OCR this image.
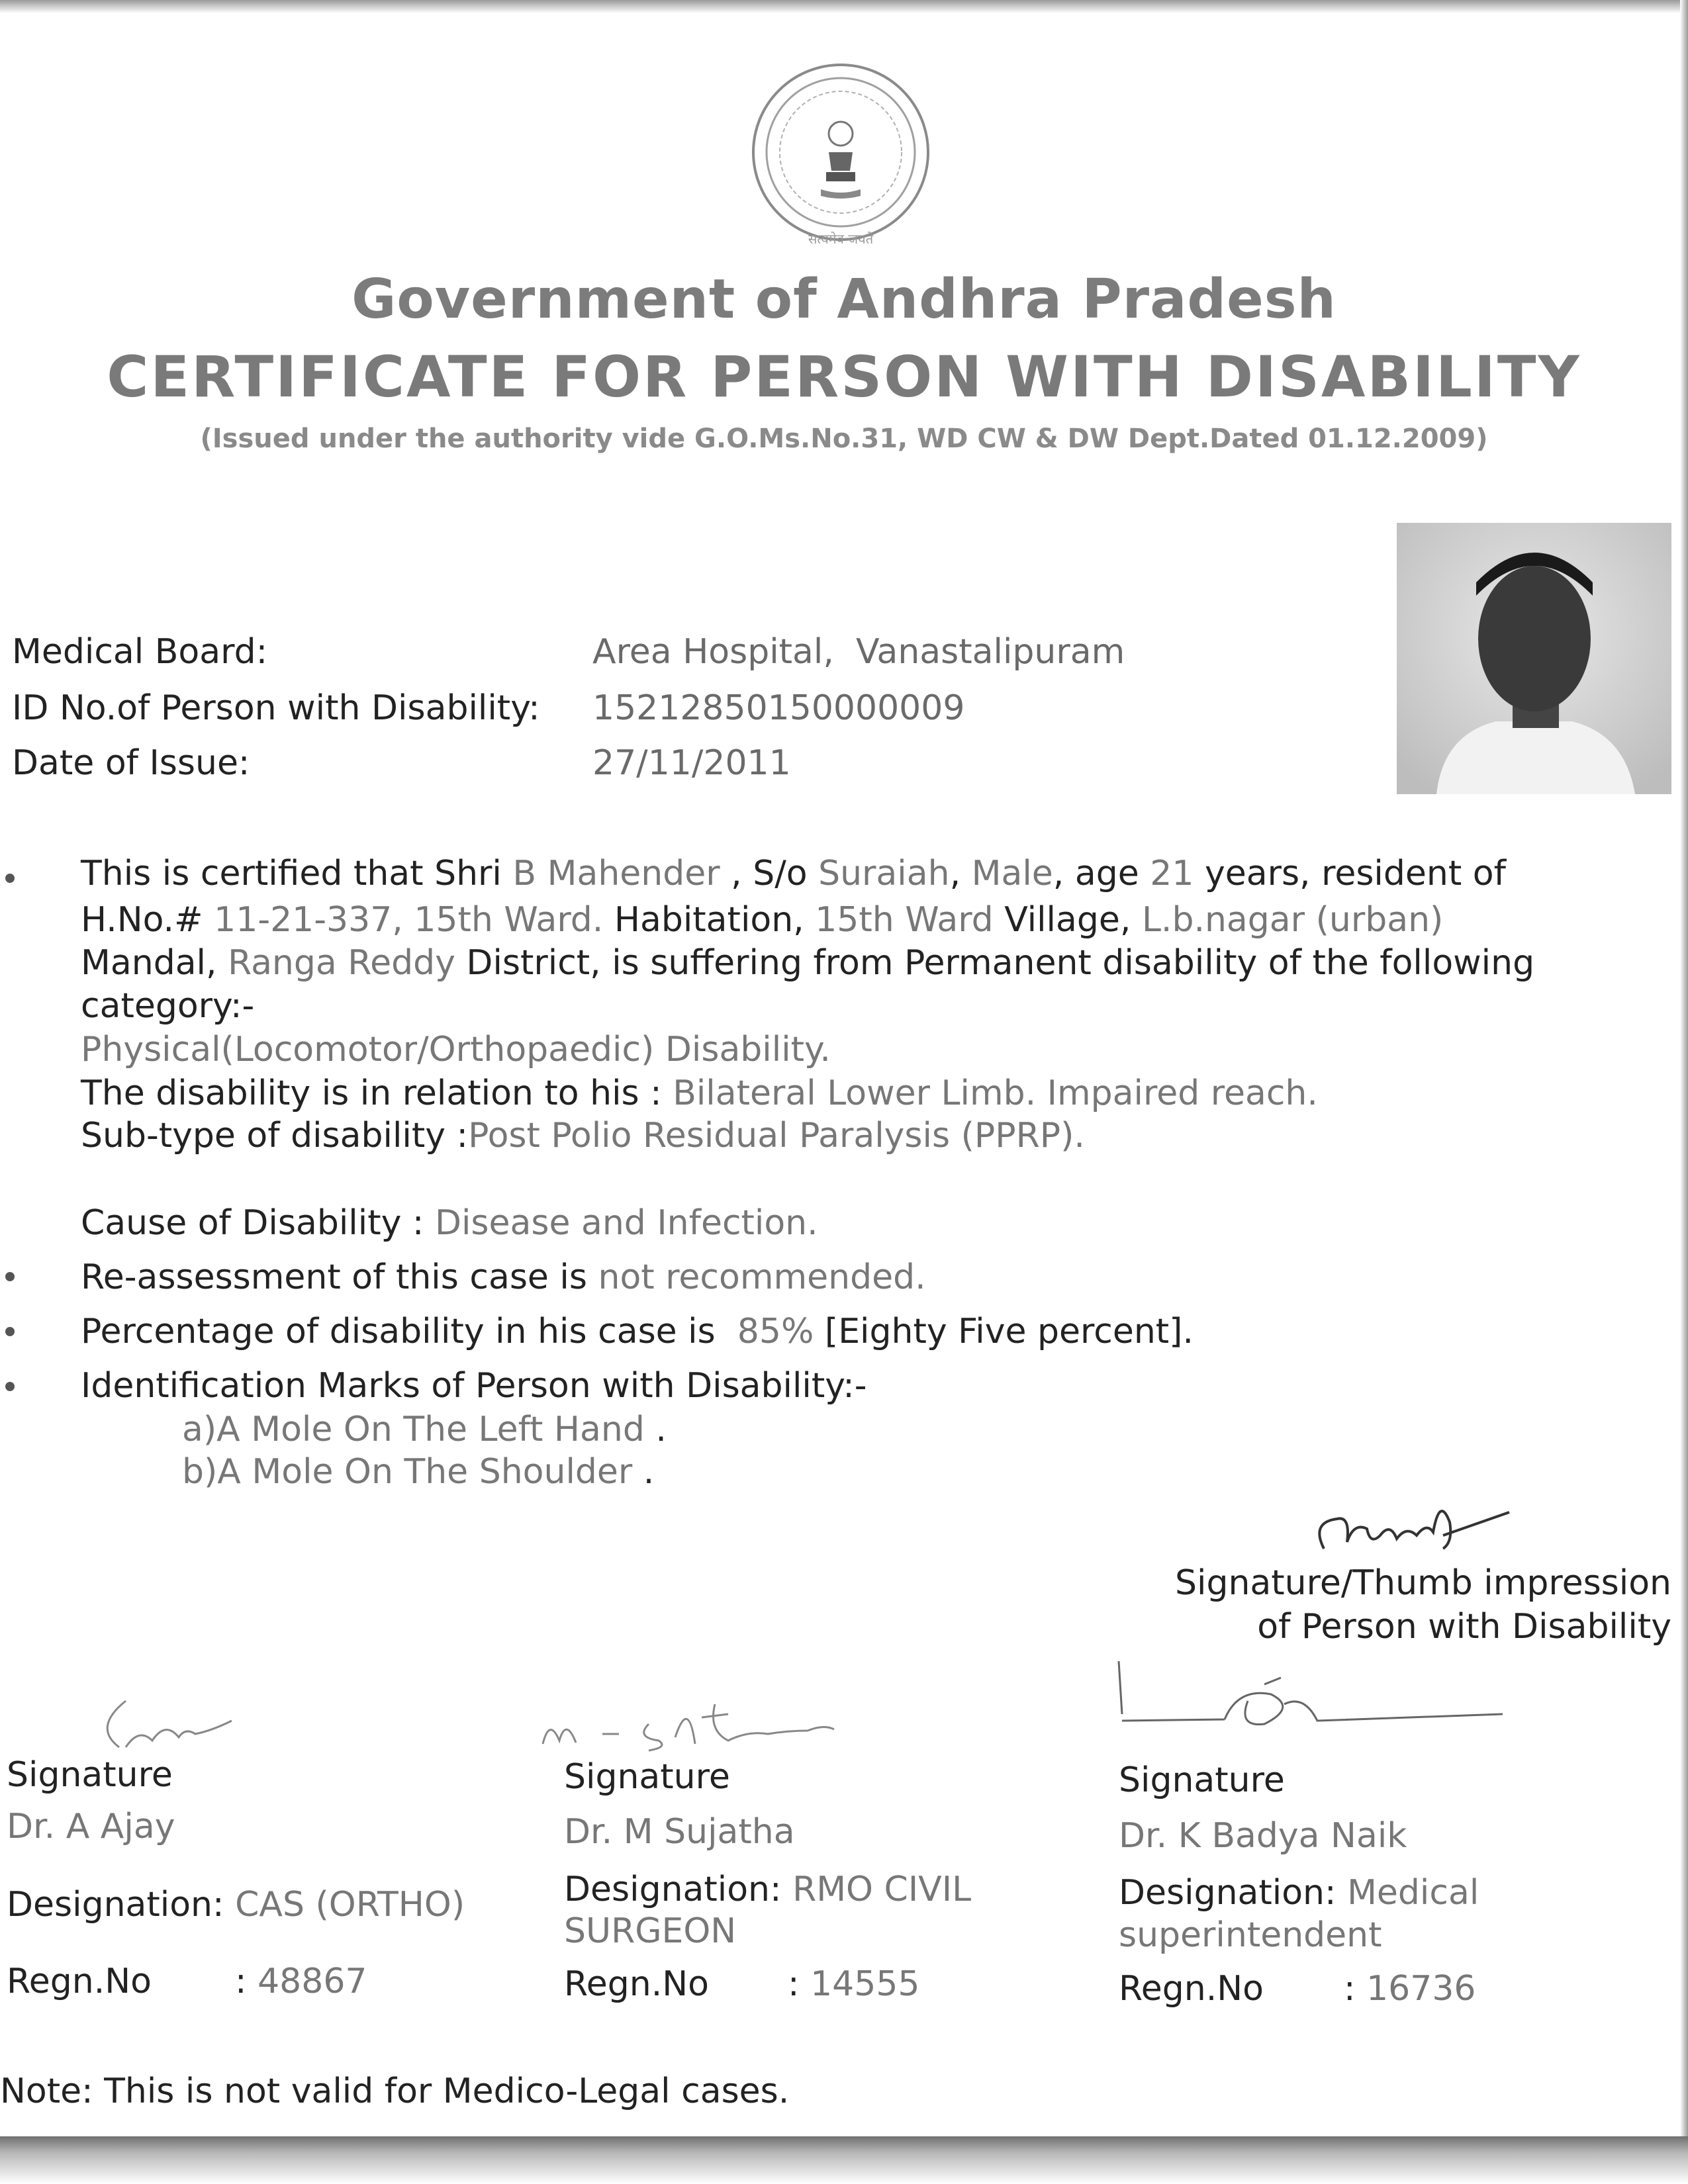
सत्यमेव जयते
Government of Andhra Pradesh
CERTIFICATE FOR PERSON WITH DISABILITY
(Issued under the authority vide G.O.Ms.No.31, WD CW & DW Dept.Dated 01.12.2009)
Medical Board:	Area Hospital,  Vanastalipuram
ID No.of Person with Disability: 15212850150000009
Date of Issue:	27/11/2011
This is certified that Shri B Mahender , S/o Suraiah, Male, age 21 years, resident of
H.No.# 11-21-337, 15th Ward. Habitation, 15th Ward Village, L.b.nagar (urban)
Mandal, Ranga Reddy District, is suffering from Permanent disability of the following
category:-
Physical(Locomotor/Orthopaedic) Disability.
The disability is in relation to his : Bilateral Lower Limb. Impaired reach.
Sub-type of disability :Post Polio Residual Paralysis (PPRP).
Cause of Disability : Disease and Infection.
Re-assessment of this case is not recommended.
Percentage of disability in his case is  85% [Eighty Five percent].
Identification Marks of Person with Disability:-
a)A Mole On The Left Hand .
b)A Mole On The Shoulder .
Signature/Thumb impression
of Person with Disability
Signature
Dr. A Ajay
Designation: CAS (ORTHO)
Regn.No : 48867
Signature
Dr. M Sujatha
Designation: RMO CIVIL
SURGEON
Regn.No : 14555
Signature
Dr. K Badya Naik
Designation: Medical
superintendent
Regn.No : 16736
Note: This is not valid for Medico-Legal cases.
